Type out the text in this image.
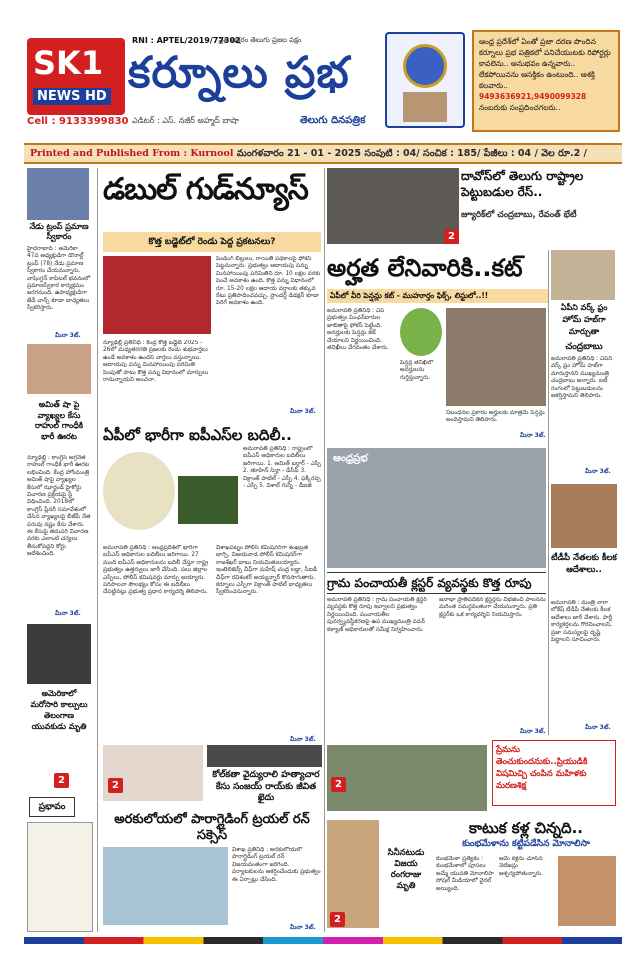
SK1
NEWS HD
Cell : 9133399830
RNI : APTEL/2019/77302
ప్రతి అక్షరం తెలుగు ప్రజల పక్షం
కర్నూలు ప్రభ
ఎడిటర్ : ఎస్. నజీర్ అహ్మద్ బాషా	తెలుగు దినపత్రిక
ఆంధ్ర ప్రదేశ్‌లో ఏంతో ప్రజా దరణ పొందిన కర్నూలు ప్రభ పత్రికలో పనిచేయుటకు రిపోర్టర్లు కావలెను.. అనుభవం ఉన్నవారు.. లేకపోయినను ఆసక్తికం ఉంటుంది.. ఆశక్తి కలవారు..
9493636921,9490099328
నంబరుకు సంప్రదించగలరు..
Printed and Published From : Kurnool మంగళవారం 21 - 01 - 2025 సంపుటి : 04/ సంచిక : 185/ పేజీలు : 04 / వెల రూ.2 /
నేడు ట్రంప్ ప్రమాణ స్వీకారం
హైదరాబాద్ : అమెరికా 47వ అధ్యక్షుడిగా డొనాల్డ్ ట్రంప్ (78) నేడు ప్రమాణ స్వీకారం చేయనున్నారు. వాషింగ్టన్ కాపిటల్ భవనంలో ప్రమాణస్వీకార కార్యక్రమం జరగనుంది. ఉపాధ్యక్షుడిగా జేడీ వాన్స్ కూడా బాధ్యతలు స్వీకరిస్తారు.
మీనా 3ట్.
అమిత్ షా పై వ్యాఖ్యల కేసు రాహుల్ గాంధీకి భారీ ఊరట
న్యూఢిల్లీ : కాంగ్రెస్ అగ్రనేత రాహుల్ గాంధీకి భారీ ఊరట లభించింది. కేంద్ర హోంమంత్రి అమిత్ షాపై వ్యాఖ్యల కేసులో ఝార్ఖండ్ హైకోర్టు విచారణ ప్రక్రియపై స్టే విధించింది. 2018లో కాంగ్రెస్ ప్లీనరీ సమావేశంలో చేసిన వ్యాఖ్యలపై బీజేపీ నేత పరువు నష్టం కేసు వేశారు. ఈ కేసుపై తదుపరి విచారణ వరకు ఎలాంటి చర్యలు తీసుకోవద్దని కోర్టు ఆదేశించింది.
మీనా 3ట్.
అమెరికాలో మరోసారి కాల్పులు తెలంగాణ యువకుడు మృతి
2
ప్రభావం
డబుల్ గుడ్‌న్యూస్
కొత్త బడ్జెట్‌లో రెండు పెద్ద ప్రకటనలు?
న్యూఢిల్లీ ప్రతినిధి : కేంద్ర కొత్త బడ్జెట్ 2025 - 26లో మధ్యతరగతి ప్రజలకు రెండు శుభవార్తలు ఉండే అవకాశం ఉందని వార్తలు వస్తున్నాయి. ఆదాయపు పన్ను మినహాయింపు పరిమితి పెంపుతో పాటు కొత్త పన్ను విధానంలో మార్పులు రానున్నాయని అంచనా.
పెండింగ్ బిల్లులు, రాయితీ పథకాలపై ఫోకస్ పెట్టనున్నారు. ప్రభుత్వం ఆదాయపు పన్ను మినహాయింపు పరిమితిని రూ. 10 లక్షల వరకు పెంచే అవకాశం ఉంది. కొత్త పన్ను విధానంలో రూ. 15-20 లక్షల ఆదాయ వర్గాలకు తక్కువ రేటు ప్రతిపాదించవచ్చు. స్టాండర్డ్ డిడక్షన్ కూడా పెరిగే అవకాశం ఉంది.
మీనా 3ట్.
ఏపీలో భారీగా ఐపీఎస్‌ల బదిలీ..
అమరావతి ప్రతినిధి : రాష్ట్రంలో ఐపీఎస్ అధికారుల బదిలీలు జరిగాయి. 1. అమిత్ బర్దార్ - ఎస్పీ 2. తూహిన్ సిన్హా - డీసీపీ 3. విక్రాంత్ పాటిల్ - ఎస్పీ 4. ఫక్కీరప్ప - ఎస్పీ 5. విశాల్ గున్నీ - డీఐజీ
అమరావతి ప్రతినిధి : ఆంధ్రప్రదేశ్‌లో భారీగా ఐపీఎస్ అధికారుల బదిలీలు జరిగాయి. 27 మంది ఐపీఎస్ అధికారులను బదిలీ చేస్తూ రాష్ట్ర ప్రభుత్వం ఉత్తర్వులు జారీ చేసింది. పలు జిల్లాల ఎస్పీలు, పోలీస్ కమిషనర్లు మార్పు అయ్యారు. పరిపాలనా సౌలభ్యం కోసం ఈ బదిలీలు చేపట్టినట్లు ప్రభుత్వ ప్రధాన కార్యదర్శి తెలిపారు.
విశాఖపట్నం పోలీస్ కమిషనర్‌గా శంఖబ్రత బాగ్చి, విజయవాడ పోలీస్ కమిషనర్‌గా రాజశేఖర్ బాబు నియమితులయ్యారు. ఇంటెలిజెన్స్ చీఫ్‌గా మహేష్ చంద్ర లడ్డా, సీఐడీ చీఫ్‌గా రవిశంకర్ అయ్యన్నార్ కొనసాగుతారు. కర్నూలు ఎస్పీగా విక్రాంత్ పాటిల్ బాధ్యతలు స్వీకరించనున్నారు.
మీనా 3ట్.
2
కోల్‌కతా వైద్యురాలి హత్యాచార కేసు సంజయ్ రాయ్‌కు జీవిత ఖైదు
అరకులోయలో పారాగ్లైడింగ్ ట్రయల్ రన్ సక్సెస్
విశాఖ ప్రతినిధి : అరకులోయలో పారాగ్లైడింగ్ ట్రయల్ రన్ విజయవంతంగా జరిగింది. పర్యాటకులను ఆకర్షించేందుకు ప్రభుత్వం ఈ ఏర్పాట్లు చేసింది.
మీనా 3ట్.
2
దావోస్‌లో తెలుగు రాష్ట్రాల పెట్టుబడుల రేస్..
జ్యూరిక్‌లో చంద్రబాబు, రేవంత్ భేటీ
అర్హత లేనివారికి..కట్
ఏపీలో వీరి పెన్షన్లు కట్ - ముహూర్తం ఫిక్స్, లిస్టులో..!!
అమరావతి ప్రతినిధి : ఏపీ ప్రభుత్వం పింఛన్‌దారుల జాబితాపై ఫోకస్ పెట్టింది. అనర్హులకు పెన్షన్లు కట్ చేయాలని నిర్ణయించింది. తనిఖీలు వేగవంతం చేశారు.
పెన్షన్ల తనిఖీలో అనర్హులను గుర్తిస్తున్నారు.
నిబంధనల ప్రకారం అర్హులకు మాత్రమే పెన్షన్లు అందిస్తామని తెలిపారు.
మీనా 3ట్.
ఆంధ్రప్రభ
గ్రామ పంచాయతీ క్లస్టర్ వ్యవస్థకు కొత్త రూపు
అమరావతి ప్రతినిధి : గ్రామ పంచాయతీ క్లస్టర్ వ్యవస్థకు కొత్త రూపు ఇవ్వాలని ప్రభుత్వం నిర్ణయించింది. పంచాయతీల పునర్వ్యవస్థీకరణపై ఉప ముఖ్యమంత్రి పవన్ కళ్యాణ్ అధికారులతో సమీక్ష నిర్వహించారు.
జనాభా ప్రాతిపదికన క్లస్టర్లను విభజించి పాలనను మరింత సమర్థవంతంగా చేయనున్నారు. ప్రతి క్లస్టర్‌కు ఒక కార్యదర్శిని నియమిస్తారు.
మీనా 3ట్.
2
ప్రేమను తెంచుకుందనుకు..ప్రియుడికి విషమిచ్చి చంపిన మహిళకు మరణశిక్ష
2
సినీనటుడు విజయ రంగరాజు మృతి
కాటుక కళ్ల చిన్నది..
కుంభమేళాను కట్టిపడేసిన మోనాలిసా
కుంభమేళా ప్రత్యేకం : కుంభమేళాలో పూసలు అమ్మే యువతి మోనాలిసా సోషల్ మీడియాలో వైరల్ అయ్యింది.
ఆమె కళ్లను చూసిన నెటిజన్లు ఆశ్చర్యపోతున్నారు.
ఏపీని వర్క్ ఫ్రం హోమ్ హబ్‌గా మార్చుతా
చంద్రబాబు
అమరావతి ప్రతినిధి : ఏపీని వర్క్ ఫ్రం హోమ్ హబ్‌గా మారుస్తానని ముఖ్యమంత్రి చంద్రబాబు అన్నారు. ఐటీ రంగంలో పెట్టుబడులను ఆకర్షిస్తామని తెలిపారు.
మీనా 3ట్.
టీడీపీ నేతలకు కీలక ఆదేశాలు..
అమరావతి : మంత్రి నారా లోకేష్ టీడీపీ నేతలకు కీలక ఆదేశాలు జారీ చేశారు. పార్టీ కార్యకర్తలను గౌరవించాలని, ప్రజా సమస్యలపై దృష్టి పెట్టాలని సూచించారు.
మీనా 3ట్.
